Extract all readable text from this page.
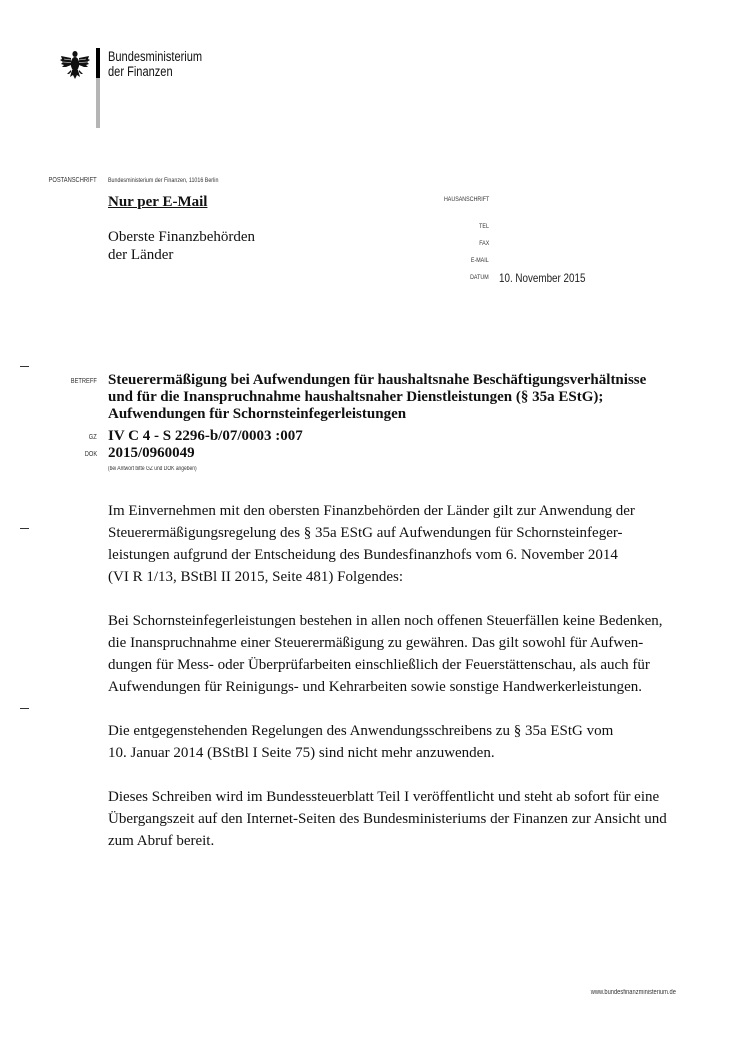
Bundesministerium
der Finanzen
POSTANSCHRIFT Bundesministerium der Finanzen, 11016 Berlin
Nur per E-Mail
Oberste Finanzbehörden
der Länder
HAUSANSCHRIFT
TEL
FAX
E-MAIL
DATUM 10. November 2015
BETREFF Steuerermäßigung bei Aufwendungen für haushaltsnahe Beschäftigungsverhältnisse
und für die Inanspruchnahme haushaltsnaher Dienstleistungen (§ 35a EStG);
Aufwendungen für Schornsteinfegerleistungen
GZ IV C 4 - S 2296-b/07/0003 :007
DOK 2015/0960049
(bei Antwort bitte GZ und DOK angeben)

Im Einvernehmen mit den obersten Finanzbehörden der Länder gilt zur Anwendung der
Steuerermäßigungsregelung des § 35a EStG auf Aufwendungen für Schornsteinfeger-
leistungen aufgrund der Entscheidung des Bundesfinanzhofs vom 6. November 2014
(VI R 1/13, BStBl II 2015, Seite 481) Folgendes:

Bei Schornsteinfegerleistungen bestehen in allen noch offenen Steuerfällen keine Bedenken,
die Inanspruchnahme einer Steuerermäßigung zu gewähren. Das gilt sowohl für Aufwen-
dungen für Mess- oder Überprüfarbeiten einschließlich der Feuerstättenschau, als auch für
Aufwendungen für Reinigungs- und Kehrarbeiten sowie sonstige Handwerkerleistungen.

Die entgegenstehenden Regelungen des Anwendungsschreibens zu § 35a EStG vom
10. Januar 2014 (BStBl I Seite 75) sind nicht mehr anzuwenden.

Dieses Schreiben wird im Bundessteuerblatt Teil I veröffentlicht und steht ab sofort für eine
Übergangszeit auf den Internet-Seiten des Bundesministeriums der Finanzen zur Ansicht und
zum Abruf bereit.

www.bundesfinanzministerium.de
